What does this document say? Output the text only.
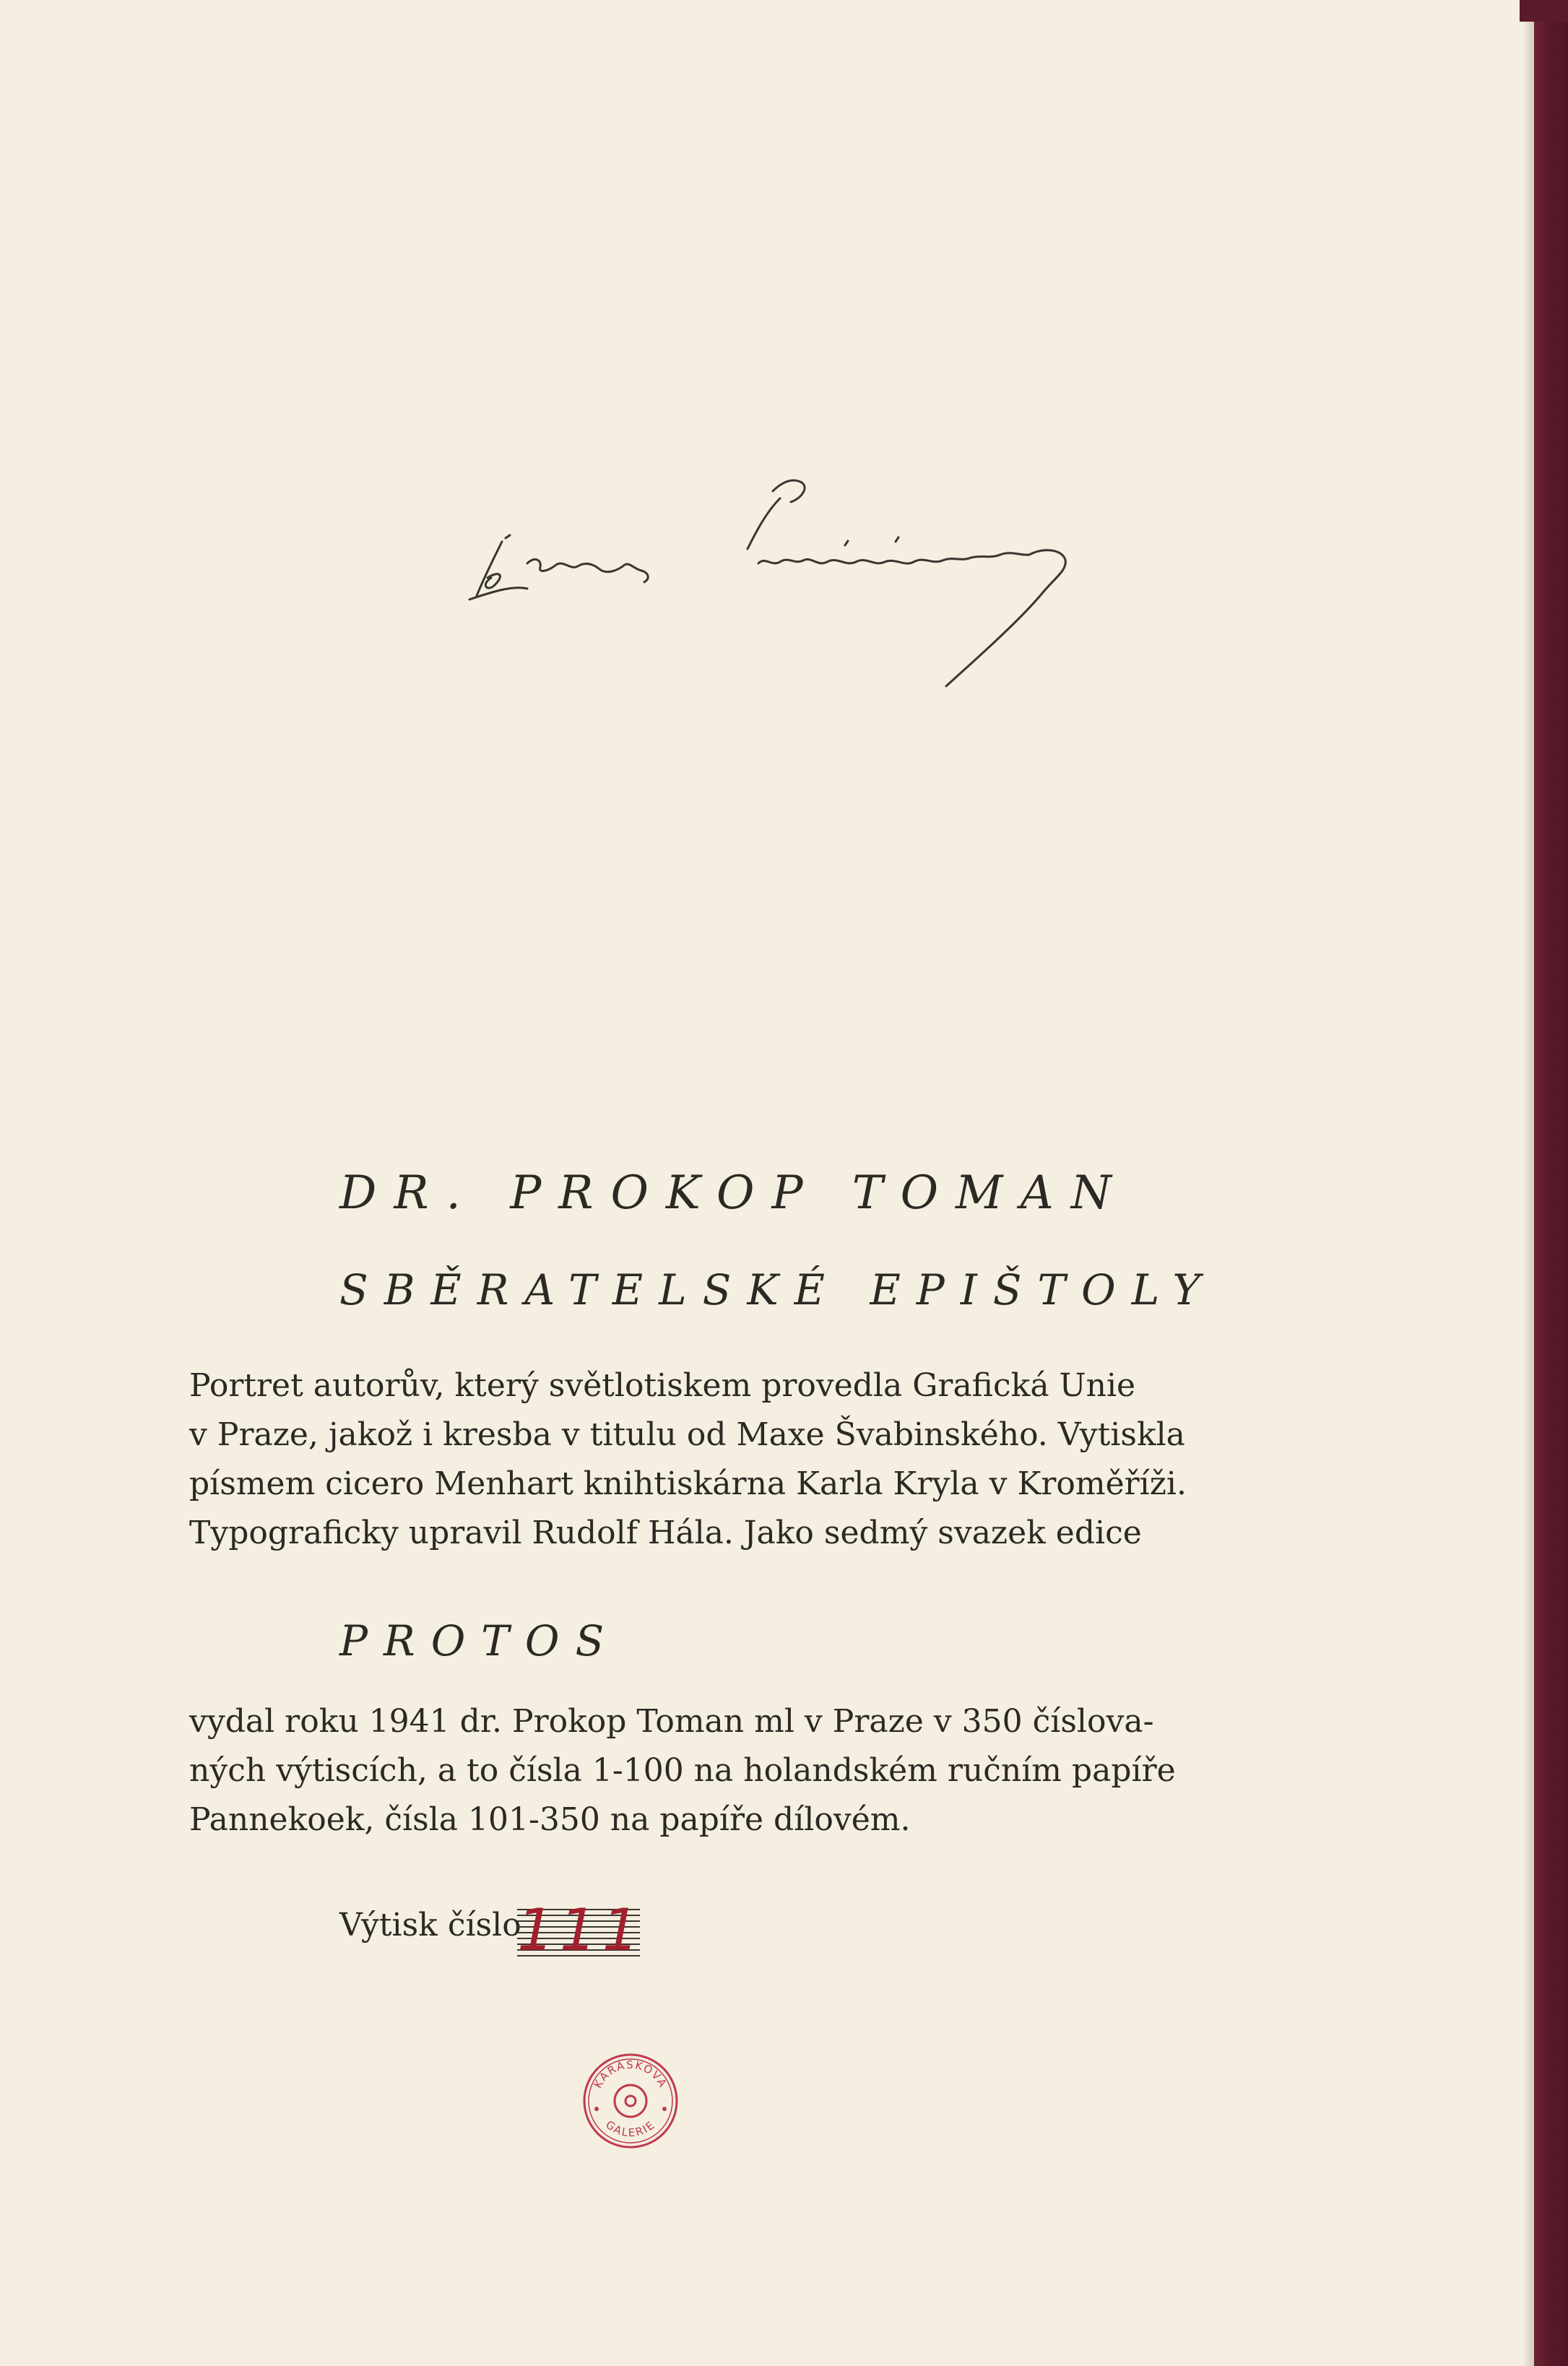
DR. PROKOP TOMAN
SBĚRATELSKÉ EPIŠTOLY
Portret autorův, který světlotiskem provedla Grafická Unie
v Praze, jakož i kresba v titulu od Maxe Švabinského. Vytiskla
písmem cicero Menhart knihtiskárna Karla Kryla v Kroměříži.
Typograficky upravil Rudolf Hála. Jako sedmý svazek edice
PROTOS
vydal roku 1941 dr. Prokop Toman ml v Praze v 350 číslova-
ných výtiscích, a to čísla 1-100 na holandském ručním papíře
Pannekoek, čísla 101-350 na papíře dílovém.
Výtisk číslo
111
KARÁSKOVA
GALERIE
